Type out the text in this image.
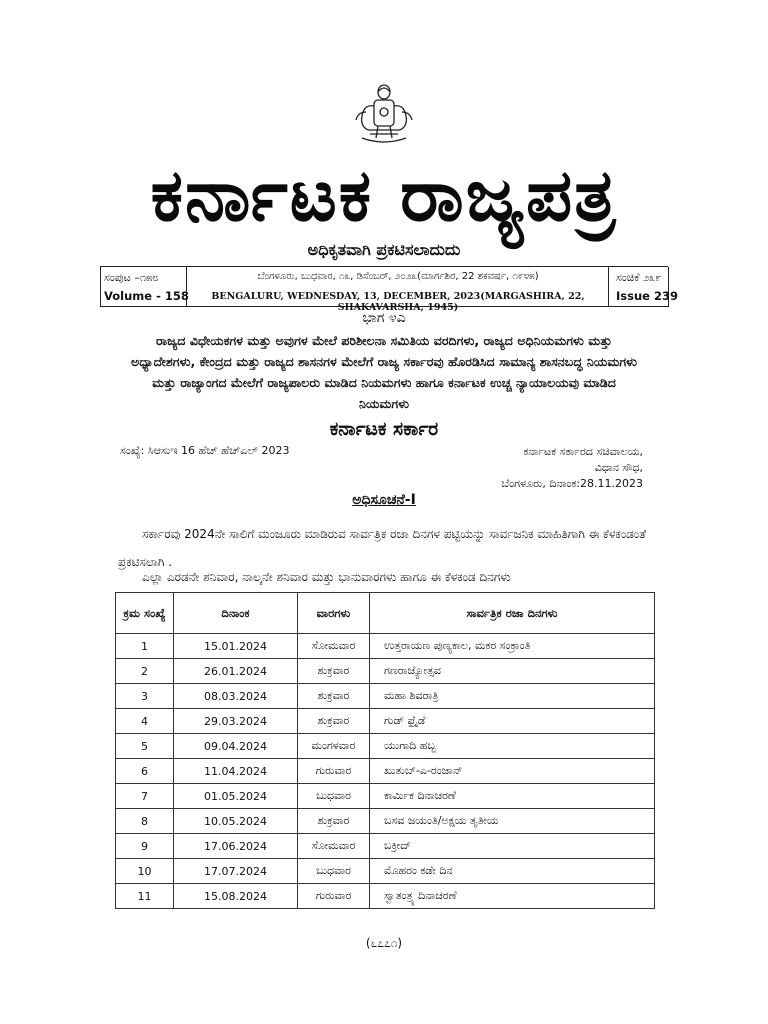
ಕರ್ನಾಟಕ ರಾಜ್ಯಪತ್ರ
ಅಧಿಕೃತವಾಗಿ ಪ್ರಕಟಿಸಲಾದುದು
ಸಂಪುಟ –೧೫೮
Volume - 158
ಬೆಂಗಳೂರು, ಬುಧವಾರ, ೧೩, ಡಿಸೆಂಬರ್, ೨೦೨೩(ಮಾರ್ಗಶಿರ, 22 ಶಕವರ್ಷ, ೧೯೪೫)
BENGALURU, WEDNESDAY, 13, DECEMBER, 2023(MARGASHIRA, 22, SHAKAVARSHA, 1945)
ಸಂಚಿಕೆ ೨೩೯
Issue 239
ಭಾಗ ೪ಎ
ರಾಜ್ಯದ ವಿಧೇಯಕಗಳ ಮತ್ತು ಅವುಗಳ ಮೇಲೆ ಪರಿಶೀಲನಾ ಸಮಿತಿಯ ವರದಿಗಳು, ರಾಜ್ಯದ ಅಧಿನಿಯಮಗಳು ಮತ್ತು ಅಧ್ಯಾದೇಶಗಳು, ಕೇಂದ್ರದ ಮತ್ತು ರಾಜ್ಯದ ಶಾಸನಗಳ ಮೇಲೆಗೆ ರಾಜ್ಯ ಸರ್ಕಾರವು ಹೊರಡಿಸಿದ ಸಾಮಾನ್ಯ ಶಾಸನಬದ್ಧ ನಿಯಮಗಳು ಮತ್ತು ರಾಜ್ಯಾಂಗದ ಮೇಲೆಗೆ ರಾಜ್ಯಪಾಲರು ಮಾಡಿದ ನಿಯಮಗಳು ಹಾಗೂ ಕರ್ನಾಟಕ ಉಚ್ಚ ನ್ಯಾಯಾಲಯವು ಮಾಡಿದ ನಿಯಮಗಳು
ಕರ್ನಾಟಕ ಸರ್ಕಾರ
ಸಂಖ್ಯೆ: ಸಿಆಸುಇ 16 ಹೆಚ್ ಹೆಚ್ಎಲ್ 2023	ಕರ್ನಾಟಕ ಸರ್ಕಾರದ ಸಚಿವಾಲಯ,
ವಿಧಾನ ಸೌಧ,
ಬೆಂಗಳೂರು, ದಿನಾಂಕ:28.11.2023
ಅಧಿಸೂಚನೆ-I
ಸರ್ಕಾರವು 2024ನೇ ಸಾಲಿಗೆ ಮಂಜೂರು ಮಾಡಿರುವ ಸಾರ್ವತ್ರಿಕ ರಜಾ ದಿನಗಳ ಪಟ್ಟಿಯನ್ನು ಸಾರ್ವಜನಿಕ ಮಾಹಿತಿಗಾಗಿ ಈ ಕೆಳಕಂಡಂತೆ ಪ್ರಕಟಿಸಲಾಗಿ .
ಎಲ್ಲಾ ಎರಡನೇ ಶನಿವಾರ, ನಾಲ್ಕನೇ ಶನಿವಾರ ಮತ್ತು ಭಾನುವಾರಗಳು ಹಾಗೂ ಈ ಕೆಳಕಂಡ ದಿನಗಳು
ಕ್ರಮ ಸಂಖ್ಯೆ	ದಿನಾಂಕ	ವಾರಗಳು	ಸಾರ್ವತ್ರಿಕ ರಜಾ ದಿನಗಳು
1	15.01.2024	ಸೋಮವಾರ	ಉತ್ತರಾಯಣ ಪುಣ್ಯಕಾಲ, ಮಕರ ಸಂಕ್ರಾಂತಿ
2	26.01.2024	ಶುಕ್ರವಾರ	ಗಣರಾಜ್ಯೋತ್ಸವ
3	08.03.2024	ಶುಕ್ರವಾರ	ಮಹಾ ಶಿವರಾತ್ರಿ
4	29.03.2024	ಶುಕ್ರವಾರ	ಗುಡ್ ಫ್ರೈಡೆ
5	09.04.2024	ಮಂಗಳವಾರ	ಯುಗಾದಿ ಹಬ್ಬ
6	11.04.2024	ಗುರುವಾರ	ಖುತುಬ್-ಎ-ರಂಜಾನ್
7	01.05.2024	ಬುಧವಾರ	ಕಾರ್ಮಿಕ ದಿನಾಚರಣೆ
8	10.05.2024	ಶುಕ್ರವಾರ	ಬಸವ ಜಯಂತಿ/ಅಕ್ಷಯ ತೃತೀಯ
9	17.06.2024	ಸೋಮವಾರ	ಬಕ್ರೀದ್
10	17.07.2024	ಬುಧವಾರ	ಮೊಹರಂ ಕಡೇ ದಿನ
11	15.08.2024	ಗುರುವಾರ	ಸ್ವಾತಂತ್ರ್ಯ ದಿನಾಚರಣೆ
(೬೭೭೧)
